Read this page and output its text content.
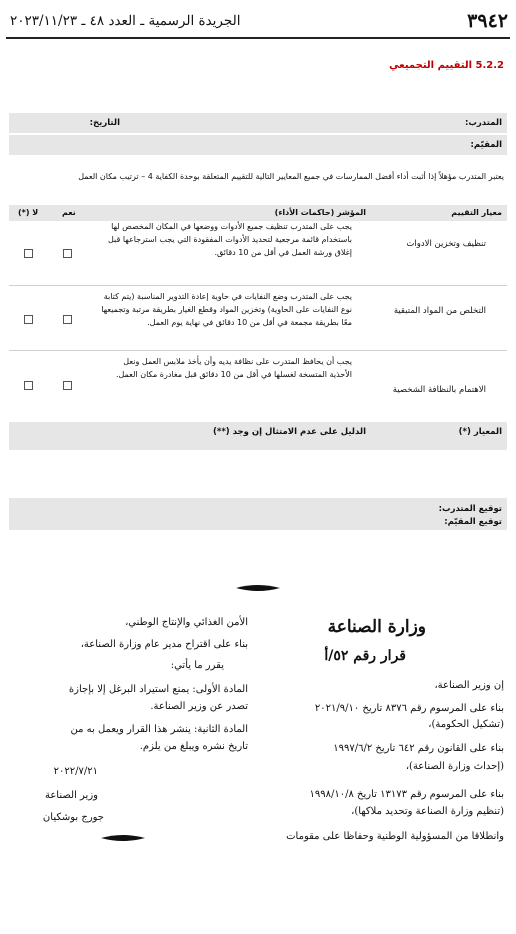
٣٩٤٢
الجريدة الرسمية ـ العدد ٤٨ ـ ٢٠٢٣/١١/٢٣
5.2.2 التقييم التجميعي
المتدرب:
التاريخ:
المقيّم:
يعتبر المتدرب مؤهلاً إذا أثبت أداء أفضل الممارسات في جميع المعايير التالية للتقييم المتعلقة بوحدة الكفاية 4 – ترتيب مكان العمل
معيار التقييم
المؤشر (حاكمات الأداء)
نعم
لا (*)
تنظيف وتخزين الادوات
يجب على المتدرب تنظيف جميع الأدوات ووضعها في المكان المخصص لها
باستخدام قائمة مرجعية لتحديد الأدوات المفقودة التي يجب استرجاعها قبل
إغلاق ورشة العمل في أقل من 10 دقائق.
التخلص من المواد المتبقية
يجب على المتدرب وضع النفايات في حاوية إعادة التدوير المناسبة (يتم كتابة
نوع النفايات على الحاوية) وتخزين المواد وقطع الغيار بطريقة مرتبة وتجميعها
معًا بطريقة مجمعة في أقل من 10 دقائق في نهاية يوم العمل.
الاهتمام بالنظافة الشخصية
يجب أن يحافظ المتدرب على نظافة يديه وأن يأخذ ملابس العمل ونعل
الأحذية المتسخة لغسلها في أقل من 10 دقائق قبل مغادرة مكان العمل.
المعيار (*)
الدليل على عدم الامتثال إن وجد (**)
توقيع المتدرب:
توقيع المقيّم:
وزارة الصناعة
قرار رقم ٥٢/أ
إن وزير الصناعة،
بناء على المرسوم رقم ٨٣٧٦ تاريخ ٢٠٢١/٩/١٠
(تشكيل الحكومة)،
بناء على القانون رقم ٦٤٢ تاريخ ١٩٩٧/٦/٢
(إحداث وزارة الصناعة)،
بناء على المرسوم رقم ١٣١٧٣ تاريخ ١٩٩٨/١٠/٨
(تنظيم وزارة الصناعة وتحديد ملاكها)،
وانطلاقا من المسؤولية الوطنية وحفاظا على مقومات
الأمن الغذائي والإنتاج الوطني،
بناء على اقتراح مدير عام وزارة الصناعة،
يقرر ما يأتي:
المادة الأولى: يمنع استيراد البرغل إلا بإجازة
تصدر عن وزير الصناعة.
المادة الثانية: ينشر هذا القرار ويعمل به من
تاريخ نشره ويبلغ من يلزم.
٢٠٢٢/٧/٢١
وزير الصناعة
جورج بوشكيان
